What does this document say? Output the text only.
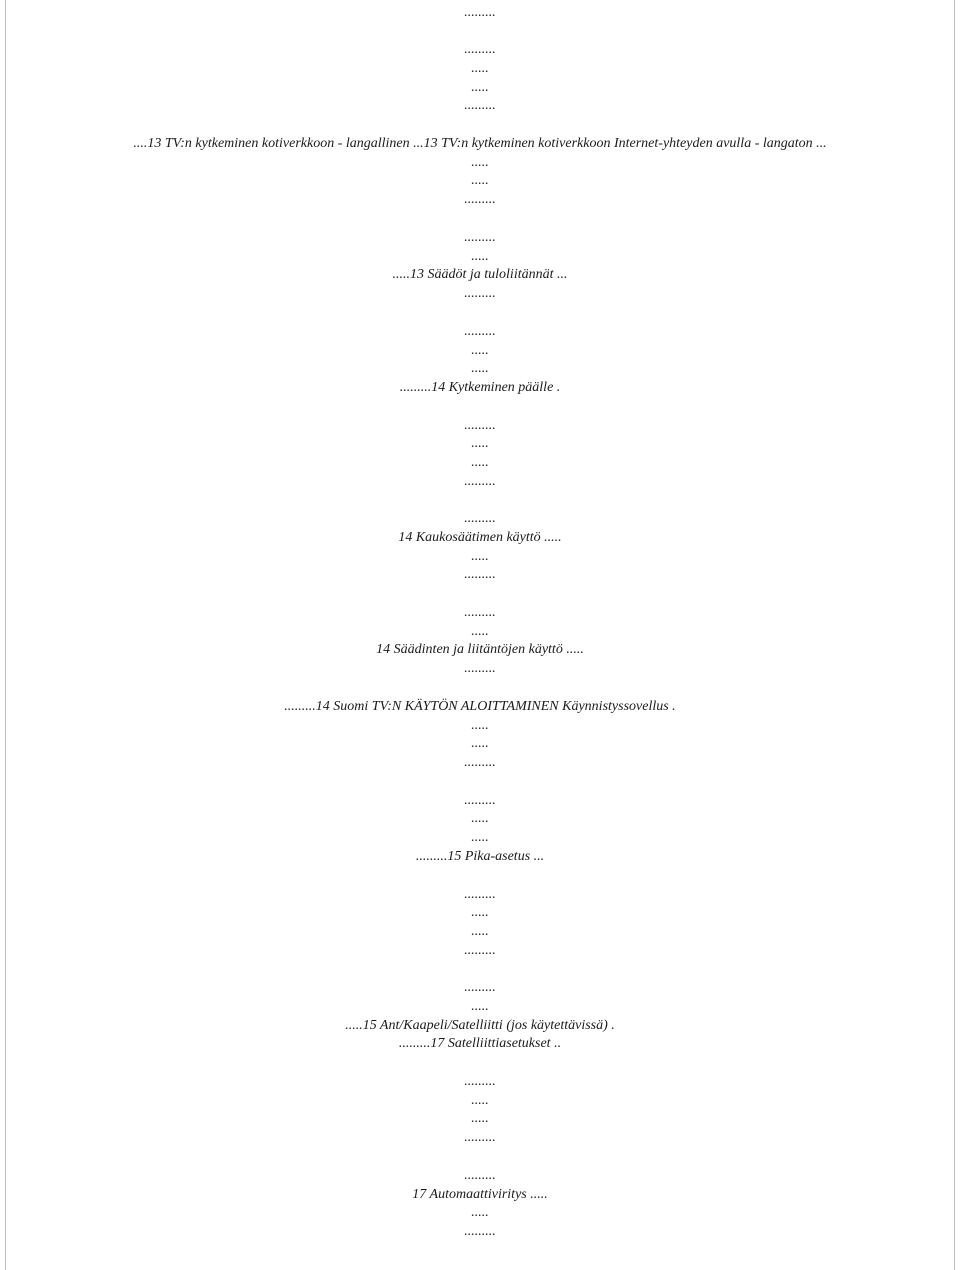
.........
.........
.....
.....
.........
....13 TV:n kytkeminen kotiverkkoon - langallinen ...13 TV:n kytkeminen kotiverkkoon Internet-yhteyden avulla - langaton ...
.....
.....
.........
.........
.....
.....13 Säädöt ja tuloliitännät ...
.........
.........
.....
.....
.........14 Kytkeminen päälle .
.........
.....
.....
.........
.........
14 Kaukosäätimen käyttö .....
.....
.........
.........
.....
14 Säädinten ja liitäntöjen käyttö .....
.........
.........14 Suomi TV:N KÄYTÖN ALOITTAMINEN Käynnistyssovellus .
.....
.....
.........
.........
.....
.....
.........15 Pika-asetus ...
.........
.....
.....
.........
.........
.....
.....15 Ant/Kaapeli/Satelliitti (jos käytettävissä) .
.........17 Satelliittiasetukset ..
.........
.....
.....
.........
.........
17 Automaattiviritys .....
.....
.........
